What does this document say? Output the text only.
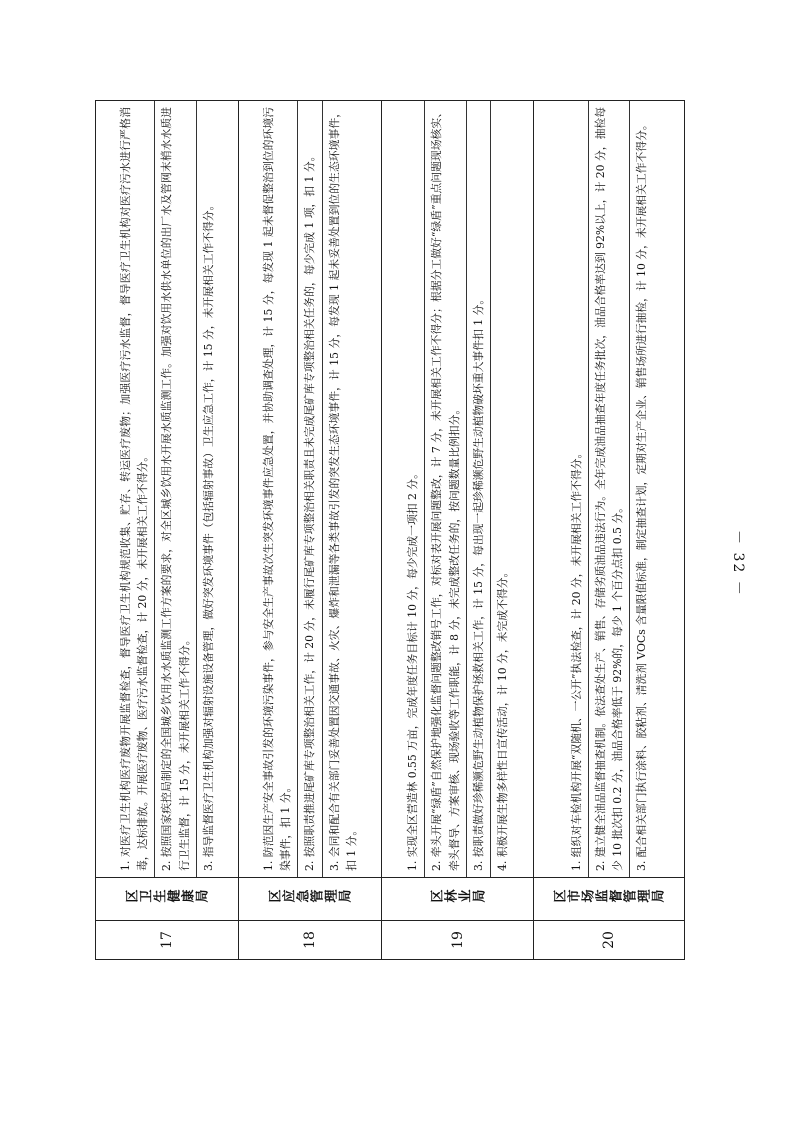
17	区卫生健康局	1. 对医疗卫生机构医疗废物开展监督检查，督导医疗卫生机构规范收集、贮存、转运医疗废物；加强医疗污水监督，督导医疗卫生机构对医疗污水进行严格消毒，达标排放。开展医疗废物、医疗污水监督检查，计 20 分，未开展相关工作不得分。 2. 按照国家疾控局制定的全国城乡饮用水水质监测工作方案的要求，对全区城乡饮用水开展水质监测工作。加强对饮用水供水单位的出厂水及管网末梢水水质进行卫生监督，计 15 分，未开展相关工作不得分。 3. 指导监督医疗卫生机构加强对辐射设施设备管理，做好突发环境事件（包括辐射事故）卫生应急工作，计 15 分，未开展相关工作不得分。

18	区应急管理局	1. 防范因生产安全事故引发的环境污染事件，参与安全生产事故次生突发环境事件应急处置，并协助调查处理，计 15 分，每发现 1 起未督促整治到位的环境污染事件，扣 1 分。 2. 按照职责推进尾矿库专项整治相关工作，计 20 分，未履行尾矿库专项整治相关职责且未完成尾矿库专项整治相关任务的，每少完成 1 项，扣 1 分。 3. 会同和配合有关部门妥善处置因交通事故、火灾、爆炸和泄漏等各类事故引发的突发生态环境事件，计 15 分，每发现 1 起未妥善处置到位的生态环境事件，扣 1 分。

19	区林业局	1. 实现全区营造林 0.55 万亩，完成年度任务目标计 10 分，每少完成一项扣 2 分。 2. 牵头开展“绿盾”自然保护地强化监督问题整改销号工作，对标对表开展问题整改，计 7 分，未开展相关工作不得分；根据分工做好“绿盾”重点问题现场核实、牵头督导、方案审核、现场验收等工作职能，计 8 分，未完成整改任务的，按问题数量比例扣分。 3. 按职责做好珍稀濒危野生动植物保护拯救相关工作，计 15 分，每出现一起珍稀濒危野生动植物破坏重大事件扣 1 分。 4. 积极开展生物多样性日宣传活动，计 10 分，未完成不得分。

20	区市场监督管理局	1. 组织对车检机构开展“双随机、一公开”执法检查，计 20 分，未开展相关工作不得分。 2. 建立健全油品监督抽查机制。依法查处生产、销售、存储劣质油品违法行为。全年完成油品抽查年度任务批次，油品合格率达到 92%以上，计 20 分，抽检每少 10 批次扣 0.2 分，油品合格率低于 92%的，每少 1 个百分点扣 0.5 分。 3. 配合相关部门执行涂料、胶粘剂、清洗剂 VOCs 含量限值标准，制定抽查计划，定期对生产企业、销售场所进行抽检，计 10 分，未开展相关工作不得分。	－ 32 －
